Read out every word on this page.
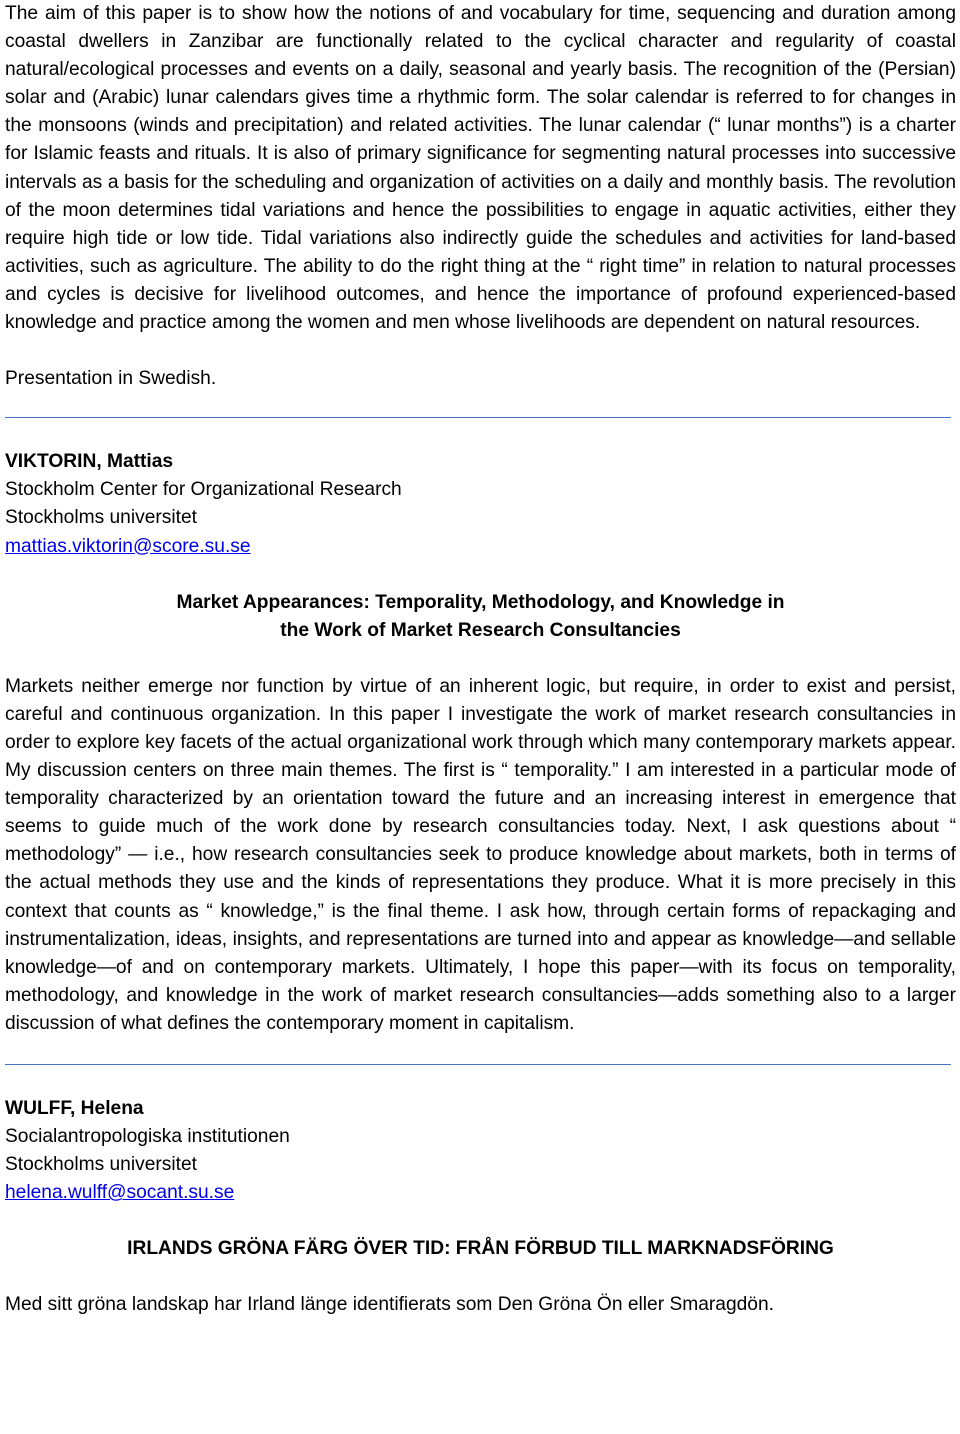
The aim of this paper is to show how the notions of and vocabulary for time, sequencing and duration among coastal dwellers in Zanzibar are functionally related to the cyclical character and regularity of coastal natural/ecological processes and events on a daily, seasonal and yearly basis. The recognition of the (Persian) solar and (Arabic) lunar calendars gives time a rhythmic form. The solar calendar is referred to for changes in the monsoons (winds and precipitation) and related activities. The lunar calendar (“ lunar months”) is a charter for Islamic feasts and rituals. It is also of primary significance for segmenting natural processes into successive intervals as a basis for the scheduling and organization of activities on a daily and monthly basis. The revolution of the moon determines tidal variations and hence the possibilities to engage in aquatic activities, either they require high tide or low tide. Tidal variations also indirectly guide the schedules and activities for land-based activities, such as agriculture. The ability to do the right thing at the “ right time” in relation to natural processes and cycles is decisive for livelihood outcomes, and hence the importance of profound experienced-based knowledge and practice among the women and men whose livelihoods are dependent on natural resources.

Presentation in Swedish.

VIKTORIN, Mattias

Stockholm Center for Organizational Research

Stockholms universitet

mattias.viktorin@score.su.se

Market Appearances: Temporality, Methodology, and Knowledge in

the Work of Market Research Consultancies

Markets neither emerge nor function by virtue of an inherent logic, but require, in order to exist and persist, careful and continuous organization. In this paper I investigate the work of market research consultancies in order to explore key facets of the actual organizational work through which many contemporary markets appear. My discussion centers on three main themes. The first is “ temporality.” I am interested in a particular mode of temporality characterized by an orientation toward the future and an increasing interest in emergence that seems to guide much of the work done by research consultancies today. Next, I ask questions about “ methodology” — i.e., how research consultancies seek to produce knowledge about markets, both in terms of the actual methods they use and the kinds of representations they produce. What it is more precisely in this context that counts as “ knowledge,” is the final theme. I ask how, through certain forms of repackaging and instrumentalization, ideas, insights, and representations are turned into and appear as knowledge—and sellable knowledge—of and on contemporary markets. Ultimately, I hope this paper—with its focus on temporality, methodology, and knowledge in the work of market research consultancies—adds something also to a larger discussion of what defines the contemporary moment in capitalism.

WULFF, Helena

Socialantropologiska institutionen

Stockholms universitet

helena.wulff@socant.su.se

IRLANDS GRÖNA FÄRG ÖVER TID: FRÅN FÖRBUD TILL MARKNADSFÖRING

Med sitt gröna landskap har Irland länge identifierats som Den Gröna Ön eller Smaragdön.
